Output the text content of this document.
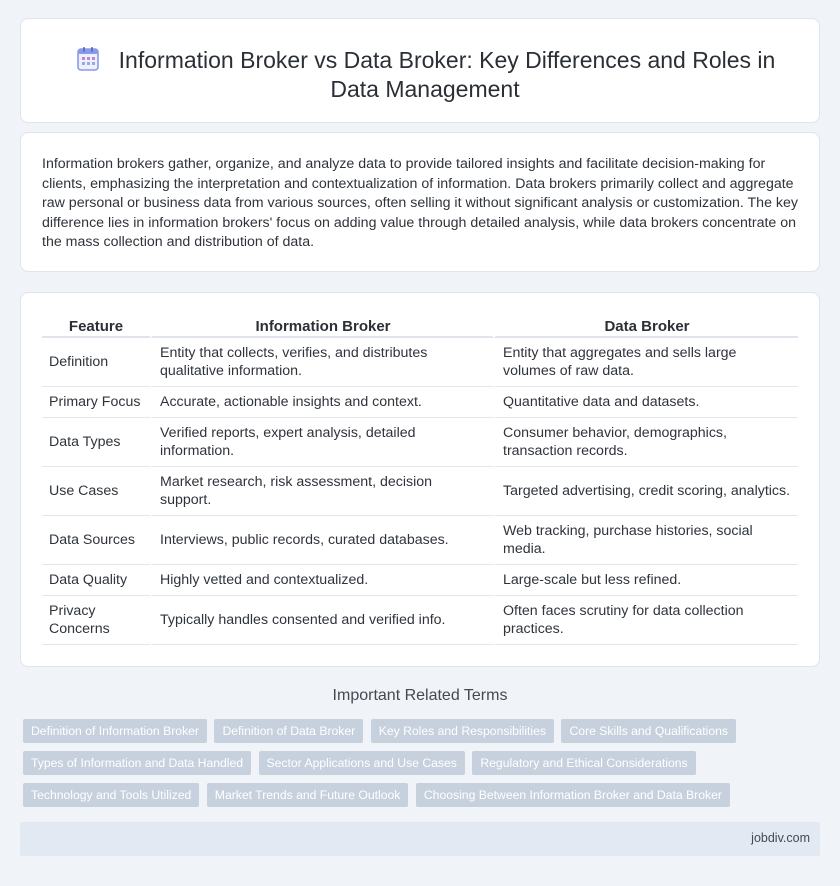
Information Broker vs Data Broker: Key Differences and Roles in Data Management

Information brokers gather, organize, and analyze data to provide tailored insights and facilitate decision-making for clients, emphasizing the interpretation and contextualization of information. Data brokers primarily collect and aggregate raw personal or business data from various sources, often selling it without significant analysis or customization. The key difference lies in information brokers' focus on adding value through detailed analysis, while data brokers concentrate on the mass collection and distribution of data.

Feature	Information Broker	Data Broker
Definition	Entity that collects, verifies, and distributes qualitative information.	Entity that aggregates and sells large volumes of raw data.
Primary Focus	Accurate, actionable insights and context.	Quantitative data and datasets.
Data Types	Verified reports, expert analysis, detailed information.	Consumer behavior, demographics, transaction records.
Use Cases	Market research, risk assessment, decision support.	Targeted advertising, credit scoring, analytics.
Data Sources	Interviews, public records, curated databases.	Web tracking, purchase histories, social media.
Data Quality	Highly vetted and contextualized.	Large-scale but less refined.
Privacy Concerns	Typically handles consented and verified info.	Often faces scrutiny for data collection practices.
Important Related Terms
Definition of Information Broker Definition of Data Broker Key Roles and Responsibilities Core Skills and Qualifications Types of Information and Data Handled Sector Applications and Use Cases Regulatory and Ethical Considerations Technology and Tools Utilized Market Trends and Future Outlook Choosing Between Information Broker and Data Broker
jobdiv.com
